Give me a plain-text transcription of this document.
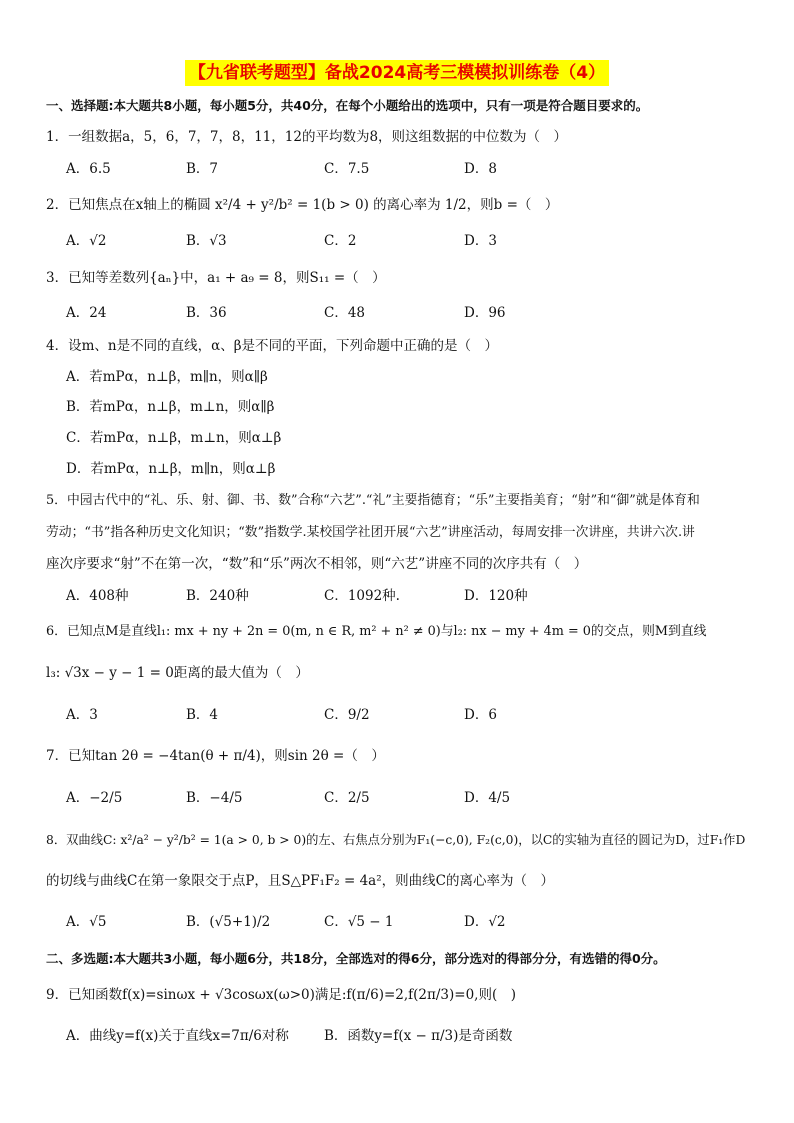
【九省联考题型】备战2024高考三模模拟训练卷（4）
一、选择题:本大题共8小题，每小题5分，共40分，在每个小题给出的选项中，只有一项是符合题目要求的。
1．一组数据a，5，6，7，7，8，11，12的平均数为8，则这组数据的中位数为（　）
A．6.5	B．7	C．7.5	D．8
2．已知焦点在x轴上的椭圆 x²/4 + y²/b² = 1(b > 0) 的离心率为 1/2，则b =（　）
A．√2	B．√3	C．2	D．3
3．已知等差数列{aₙ}中，a₁ + a₉ = 8，则S₁₁ =（　）
A．24	B．36	C．48	D．96
4．设m、n是不同的直线，α、β是不同的平面，下列命题中正确的是（　）
A．若mPα，n⊥β，m∥n，则α∥β
B．若mPα，n⊥β，m⊥n，则α∥β
C．若mPα，n⊥β，m⊥n，则α⊥β
D．若mPα，n⊥β，m∥n，则α⊥β
5．中园古代中的“礼、乐、射、御、书、数”合称“六艺”.“礼”主要指德育；“乐”主要指美育；“射”和“御”就是体育和
劳动；“书”指各种历史文化知识；“数”指数学.某校国学社团开展“六艺”讲座活动，每周安排一次讲座，共讲六次.讲
座次序要求“射”不在第一次，“数”和“乐”两次不相邻，则“六艺”讲座不同的次序共有（　）
A．408种	B．240种	C．1092种.	D．120种
6．已知点M是直线l₁: mx + ny + 2n = 0(m, n ∈ R, m² + n² ≠ 0)与l₂: nx − my + 4m = 0的交点，则M到直线
l₃: √3x − y − 1 = 0距离的最大值为（　）
A．3	B．4	C．9/2	D．6
7．已知tan 2θ = −4tan(θ + π/4)，则sin 2θ =（　）
A．−2/5	B．−4/5	C．2/5	D．4/5
8．双曲线C: x²/a² − y²/b² = 1(a > 0, b > 0)的左、右焦点分别为F₁(−c,0), F₂(c,0)，以C的实轴为直径的圆记为D，过F₁作D
的切线与曲线C在第一象限交于点P，且S△PF₁F₂ = 4a²，则曲线C的离心率为（　）
A．√5	B．(√5+1)/2	C．√5 − 1	D．√2
二、多选题:本大题共3小题，每小题6分，共18分，全部选对的得6分，部分选对的得部分分，有选错的得0分。
9．已知函数f(x)=sinωx + √3cosωx(ω>0)满足:f(π/6)=2,f(2π/3)=0,则(　)
A．曲线y=f(x)关于直线x=7π/6对称	B．函数y=f(x − π/3)是奇函数
